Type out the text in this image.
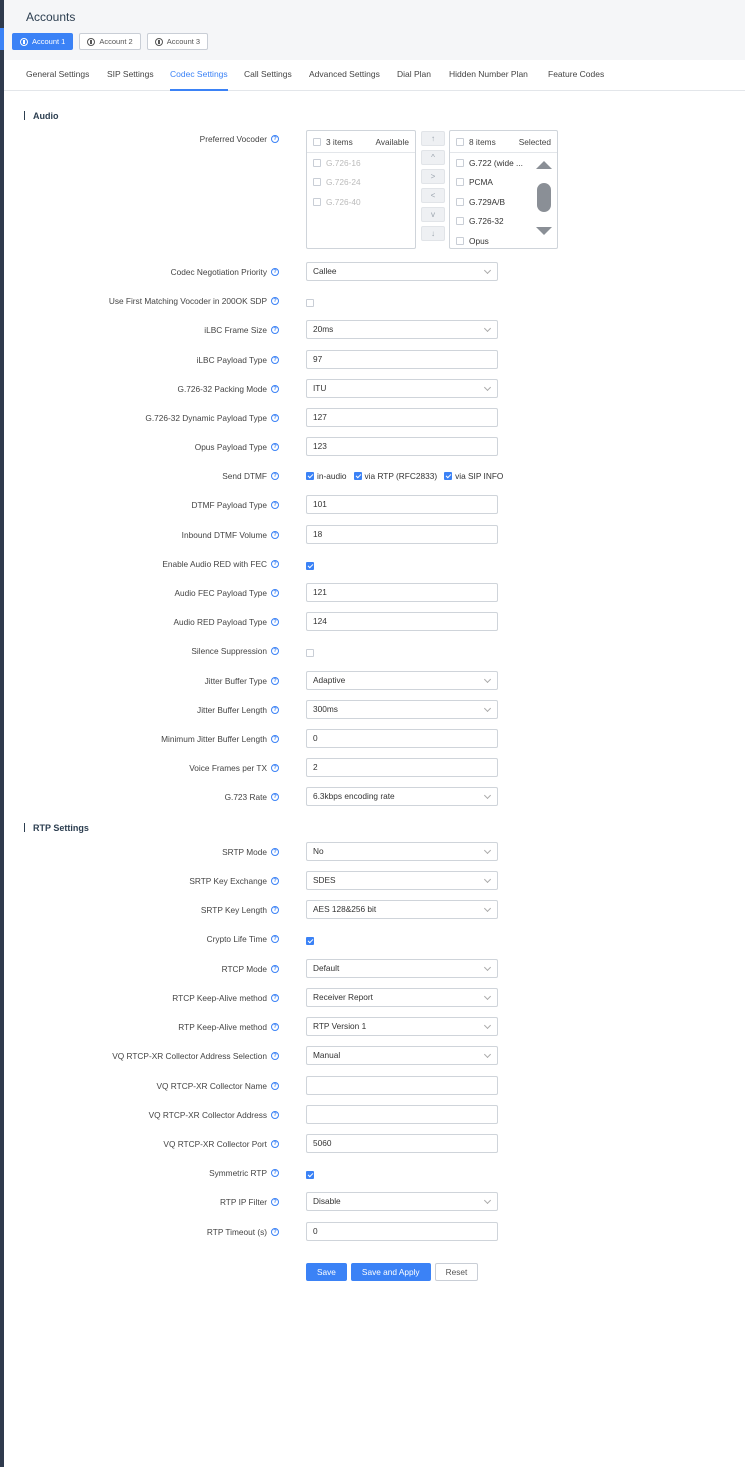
Accounts
Account 1	Account 2	Account 3
General Settings SIP Settings Codec Settings Call Settings Advanced Settings Dial Plan Hidden Number Plan Feature Codes
Audio
Preferred Vocoder	?	3 items	Available
G.726-16
G.726-24
G.726-40
↑
^
>
<
v
↓
8 items	Selected
G.722 (wide ...
PCMA
G.729A/B
G.726-32
Opus
Codec Negotiation Priority	?	Callee
Use First Matching Vocoder in 200OK SDP	?
iLBC Frame Size	?	20ms
iLBC Payload Type	?	97
G.726-32 Packing Mode	?	ITU
G.726-32 Dynamic Payload Type	?	127
Opus Payload Type	?	123
Send DTMF	?	in-audio via RTP (RFC2833) via SIP INFO
DTMF Payload Type	?	101
Inbound DTMF Volume	?	18
Enable Audio RED with FEC	?
Audio FEC Payload Type	?	121
Audio RED Payload Type	?	124
Silence Suppression	?
Jitter Buffer Type	?	Adaptive
Jitter Buffer Length	?	300ms
Minimum Jitter Buffer Length	?	0
Voice Frames per TX	?	2
G.723 Rate	?	6.3kbps encoding rate
RTP Settings
SRTP Mode	?	No
SRTP Key Exchange	?	SDES
SRTP Key Length	?	AES 128&256 bit
Crypto Life Time	?
RTCP Mode	?	Default
RTCP Keep-Alive method	?	Receiver Report
RTP Keep-Alive method	?	RTP Version 1
VQ RTCP-XR Collector Address Selection	?	Manual
VQ RTCP-XR Collector Name	?
VQ RTCP-XR Collector Address	?
VQ RTCP-XR Collector Port	?	5060
Symmetric RTP	?
RTP IP Filter	?	Disable
RTP Timeout (s)	?	0
Save	Save and Apply	Reset
